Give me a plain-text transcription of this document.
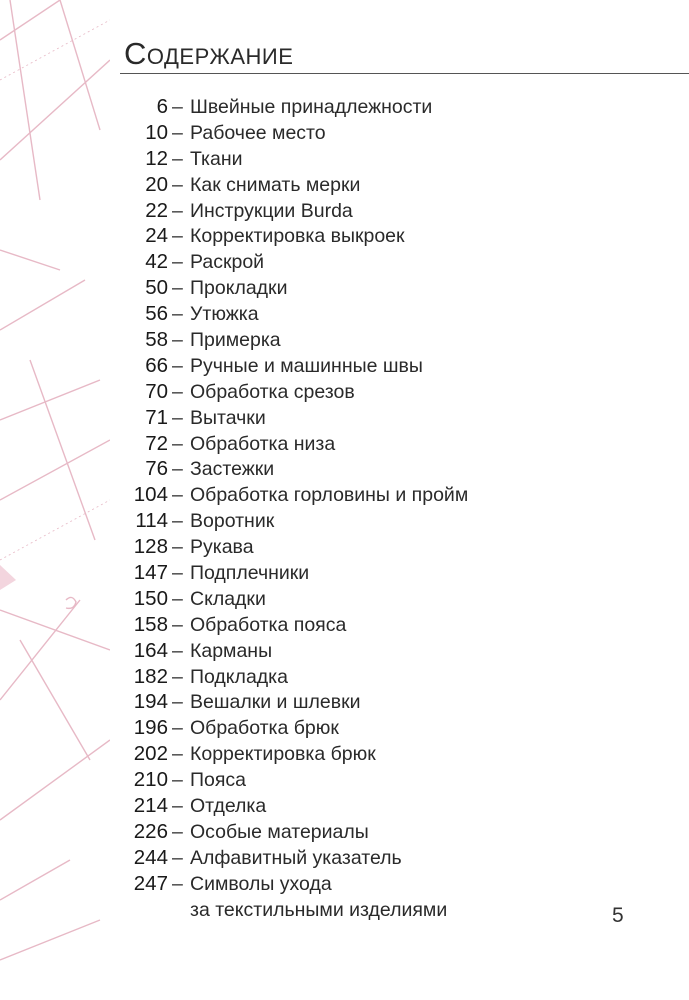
Содержание
6 – Швейные принадлежности
10 – Рабочее место
12 – Ткани
20 – Как снимать мерки
22 – Инструкции Burda
24 – Корректировка выкроек
42 – Раскрой
50 – Прокладки
56 – Утюжка
58 – Примерка
66 – Ручные и машинные швы
70 – Обработка срезов
71 – Вытачки
72 – Обработка низа
76 – Застежки
104 – Обработка горловины и пройм
114 – Воротник
128 – Рукава
147 – Подплечники
150 – Складки
158 – Обработка пояса
164 – Карманы
182 – Подкладка
194 – Вешалки и шлевки
196 – Обработка брюк
202 – Корректировка брюк
210 – Пояса
214 – Отделка
226 – Особые материалы
244 – Алфавитный указатель
247 – Символы ухода
за текстильными изделиями	5
